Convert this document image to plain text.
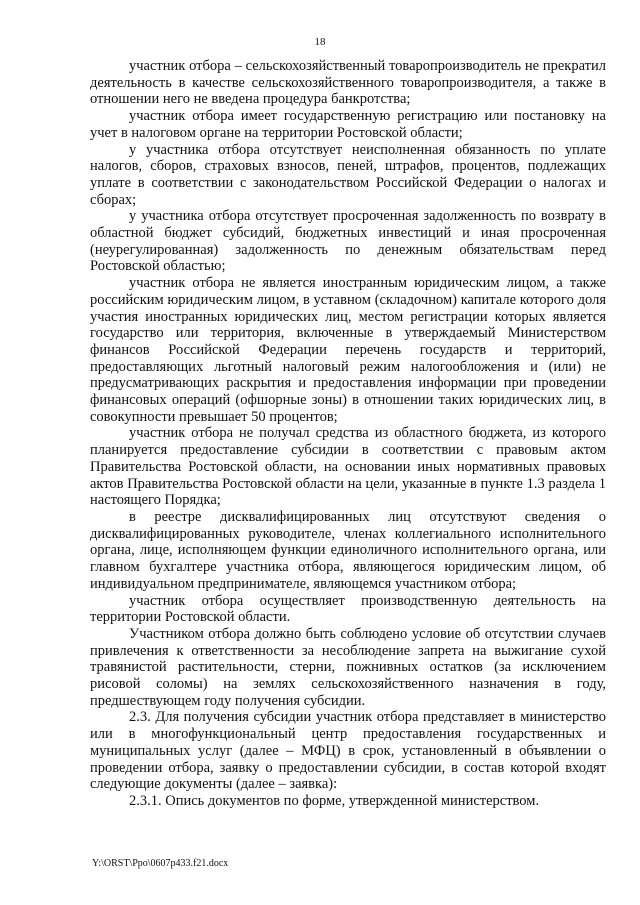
18

участник отбора – сельскохозяйственный товаропроизводитель не прекратил деятельность в качестве сельскохозяйственного товаропроизводителя, а также в отношении него не введена процедура банкротства;

участник отбора имеет государственную регистрацию или постановку на учет в налоговом органе на территории Ростовской области;

у участника отбора отсутствует неисполненная обязанность по уплате налогов, сборов, страховых взносов, пеней, штрафов, процентов, подлежащих уплате в соответствии с законодательством Российской Федерации о налогах и сборах;

у участника отбора отсутствует просроченная задолженность по возврату в областной бюджет субсидий, бюджетных инвестиций и иная просроченная (неурегулированная) задолженность по денежным обязательствам перед Ростовской областью;

участник отбора не является иностранным юридическим лицом, а также российским юридическим лицом, в уставном (складочном) капитале которого доля участия иностранных юридических лиц, местом регистрации которых является государство или территория, включенные в утверждаемый Министерством финансов Российской Федерации перечень государств и территорий, предоставляющих льготный налоговый режим налогообложения и (или) не предусматривающих раскрытия и предоставления информации при проведении финансовых операций (офшорные зоны) в отношении таких юридических лиц, в совокупности превышает 50 процентов;

участник отбора не получал средства из областного бюджета, из которого планируется предоставление субсидии в соответствии с правовым актом Правительства Ростовской области, на основании иных нормативных правовых актов Правительства Ростовской области на цели, указанные в пункте 1.3 раздела 1 настоящего Порядка;

в реестре дисквалифицированных лиц отсутствуют сведения о дисквалифицированных руководителе, членах коллегиального исполнительного органа, лице, исполняющем функции единоличного исполнительного органа, или главном бухгалтере участника отбора, являющегося юридическим лицом, об индивидуальном предпринимателе, являющемся участником отбора;

участник отбора осуществляет производственную деятельность на территории Ростовской области.

Участником отбора должно быть соблюдено условие об отсутствии случаев привлечения к ответственности за несоблюдение запрета на выжигание сухой травянистой растительности, стерни, пожнивных остатков (за исключением рисовой соломы) на землях сельскохозяйственного назначения в году, предшествующем году получения субсидии.

2.3. Для получения субсидии участник отбора представляет в министерство или в многофункциональный центр предоставления государственных и муниципальных услуг (далее – МФЦ) в срок, установленный в объявлении о проведении отбора, заявку о предоставлении субсидии, в состав которой входят следующие документы (далее – заявка):

2.3.1. Опись документов по форме, утвержденной министерством.

Y:\ORST\Ppo\0607p433.f21.docx
